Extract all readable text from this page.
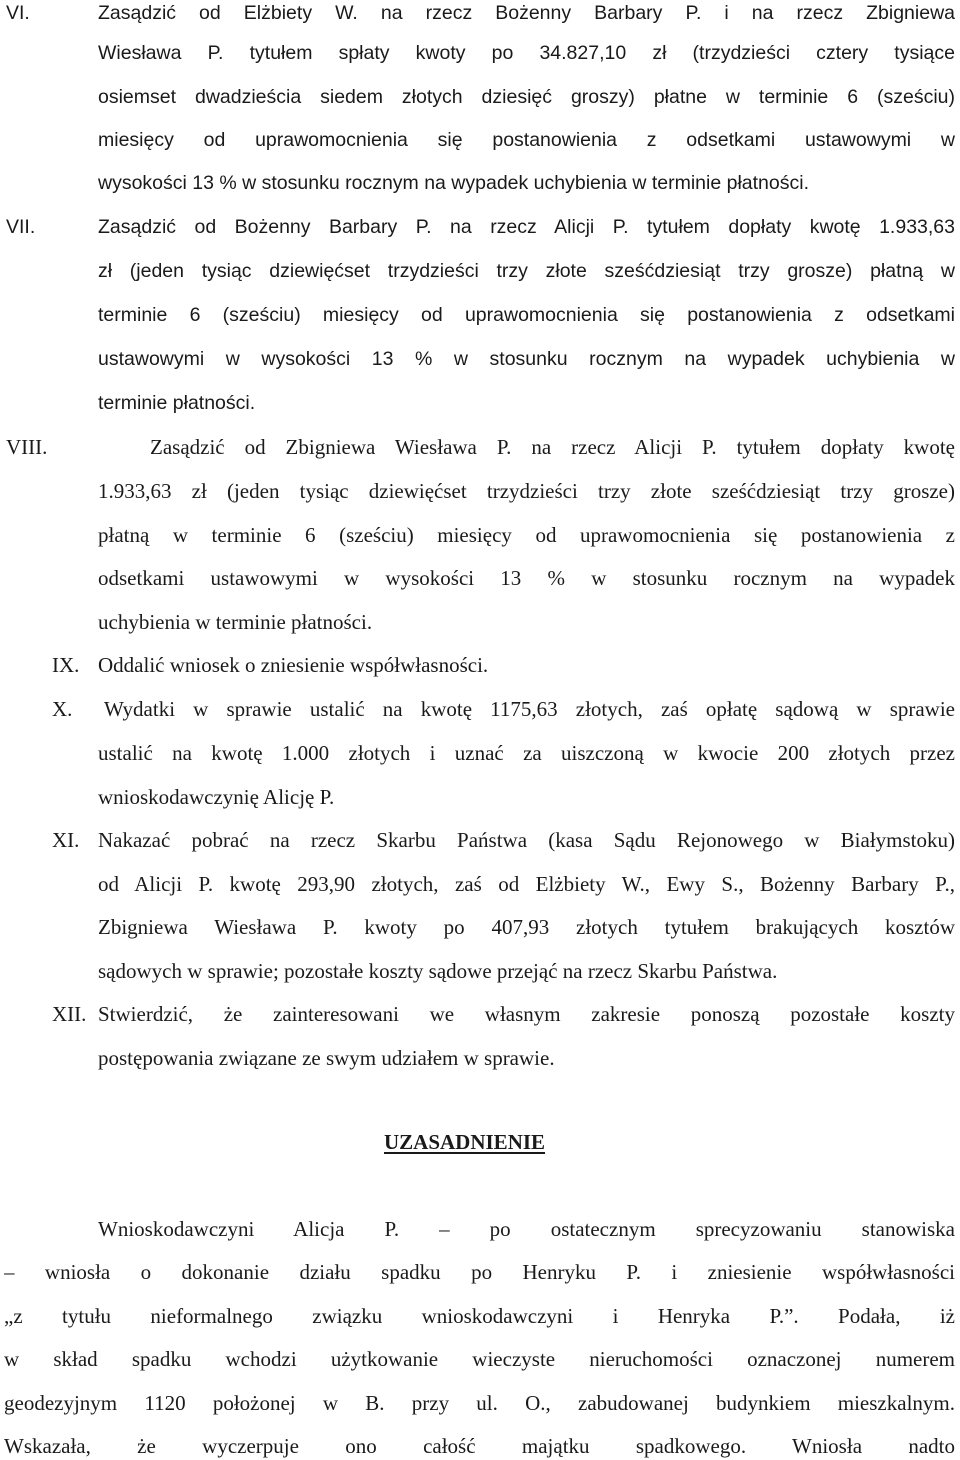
VI.	Zasądzić od Elżbiety W. na rzecz Bożenny Barbary P. i na rzecz Zbigniewa
Wiesława P. tytułem spłaty kwoty po 34.827,10 zł (trzydzieści cztery tysiące
osiemset dwadzieścia siedem złotych dziesięć groszy) płatne w terminie 6 (sześciu)
miesięcy od uprawomocnienia się postanowienia z odsetkami ustawowymi w
wysokości 13 % w stosunku rocznym na wypadek uchybienia w terminie płatności.
VII.	Zasądzić od Bożenny Barbary P. na rzecz Alicji P. tytułem dopłaty kwotę 1.933,63
zł (jeden tysiąc dziewięćset trzydzieści trzy złote sześćdziesiąt trzy grosze) płatną w
terminie 6 (sześciu) miesięcy od uprawomocnienia się postanowienia z odsetkami
ustawowymi w wysokości 13 % w stosunku rocznym na wypadek uchybienia w
terminie płatności.
VIII.	Zasądzić od Zbigniewa Wiesława P. na rzecz Alicji P. tytułem dopłaty kwotę
1.933,63 zł (jeden tysiąc dziewięćset trzydzieści trzy złote sześćdziesiąt trzy grosze)
płatną w terminie 6 (sześciu) miesięcy od uprawomocnienia się postanowienia z
odsetkami ustawowymi w wysokości 13 % w stosunku rocznym na wypadek
uchybienia w terminie płatności.
IX. Oddalić wniosek o zniesienie współwłasności.
X. Wydatki w sprawie ustalić na kwotę 1175,63 złotych, zaś opłatę sądową w sprawie
ustalić na kwotę 1.000 złotych i uznać za uiszczoną w kwocie 200 złotych przez
wnioskodawczynię Alicję P.
XI. Nakazać pobrać na rzecz Skarbu Państwa (kasa Sądu Rejonowego w Białymstoku)
od Alicji P. kwotę 293,90 złotych, zaś od Elżbiety W., Ewy S., Bożenny Barbary P.,
Zbigniewa Wiesława P. kwoty po 407,93 złotych tytułem brakujących kosztów
sądowych w sprawie; pozostałe koszty sądowe przejąć na rzecz Skarbu Państwa.
XII. Stwierdzić, że zainteresowani we własnym zakresie ponoszą pozostałe koszty
postępowania związane ze swym udziałem w sprawie.
UZASADNIENIE
Wnioskodawczyni Alicja P. – po ostatecznym sprecyzowaniu stanowiska
– wniosła o dokonanie działu spadku po Henryku P. i zniesienie współwłasności
„z tytułu nieformalnego związku wnioskodawczyni i Henryka P.”. Podała, iż
w skład spadku wchodzi użytkowanie wieczyste nieruchomości oznaczonej numerem
geodezyjnym 1120 położonej w B. przy ul. O., zabudowanej budynkiem mieszkalnym.
Wskazała, że wyczerpuje ono całość majątku spadkowego. Wniosła nadto
